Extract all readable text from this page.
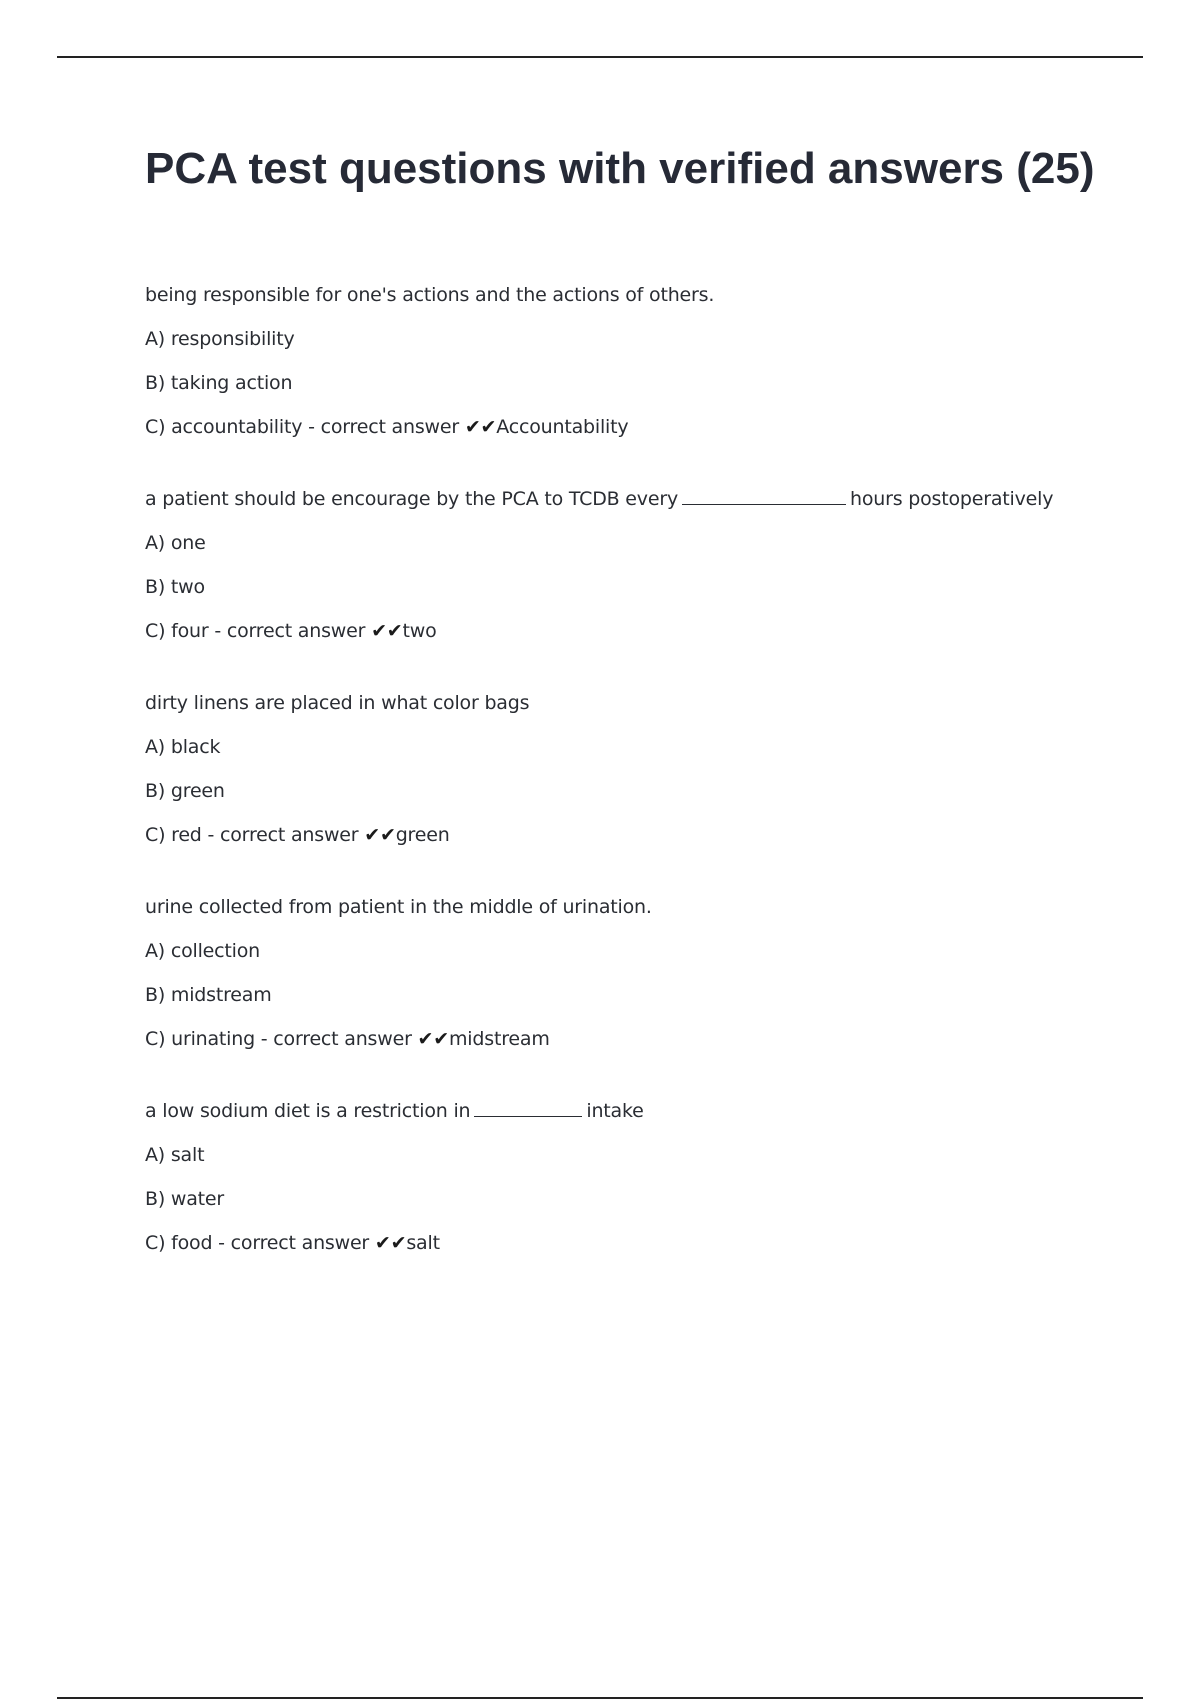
PCA test questions with verified answers (25)

being responsible for one's actions and the actions of others.

A) responsibility

B) taking action

C) accountability - correct answer ✔✔Accountability

a patient should be encourage by the PCA to TCDB every	hours postoperatively

A) one

B) two

C) four - correct answer ✔✔two

dirty linens are placed in what color bags

A) black

B) green

C) red - correct answer ✔✔green

urine collected from patient in the middle of urination.

A) collection

B) midstream

C) urinating - correct answer ✔✔midstream

a low sodium diet is a restriction in	intake

A) salt

B) water

C) food - correct answer ✔✔salt
